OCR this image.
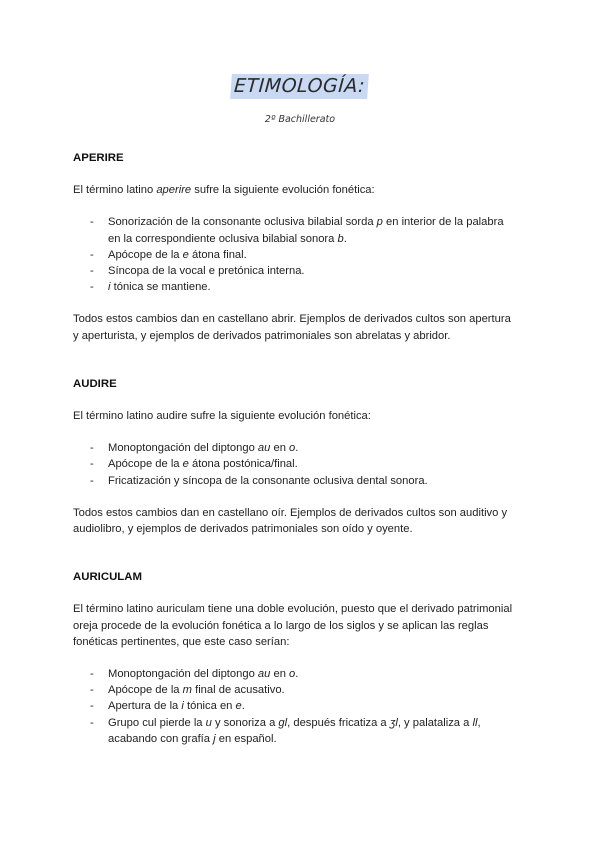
ETIMOLOGÍA:
2º Bachillerato
APERIRE

El término latino aperire sufre la siguiente evolución fonética:

- Sonorización de la consonante oclusiva bilabial sorda p en interior de la palabra en la correspondiente oclusiva bilabial sonora b.
- Apócope de la e átona final.
- Síncopa de la vocal e pretónica interna.
- i tónica se mantiene.

Todos estos cambios dan en castellano abrir. Ejemplos de derivados cultos son apertura y aperturista, y ejemplos de derivados patrimoniales son abrelatas y abridor.

AUDIRE

El término latino audire sufre la siguiente evolución fonética:

- Monoptongación del diptongo au en o.
- Apócope de la e átona postónica/final.
- Fricatización y síncopa de la consonante oclusiva dental sonora.

Todos estos cambios dan en castellano oír. Ejemplos de derivados cultos son auditivo y audiolibro, y ejemplos de derivados patrimoniales son oído y oyente.

AURICULAM

El término latino auriculam tiene una doble evolución, puesto que el derivado patrimonial oreja procede de la evolución fonética a lo largo de los siglos y se aplican las reglas fonéticas pertinentes, que este caso serían:

- Monoptongación del diptongo au en o.
- Apócope de la m final de acusativo.
- Apertura de la i tónica en e.
- Grupo cul pierde la u y sonoriza a gl, después fricatiza a ʒl, y palataliza a ll, acabando con grafía j en español.
